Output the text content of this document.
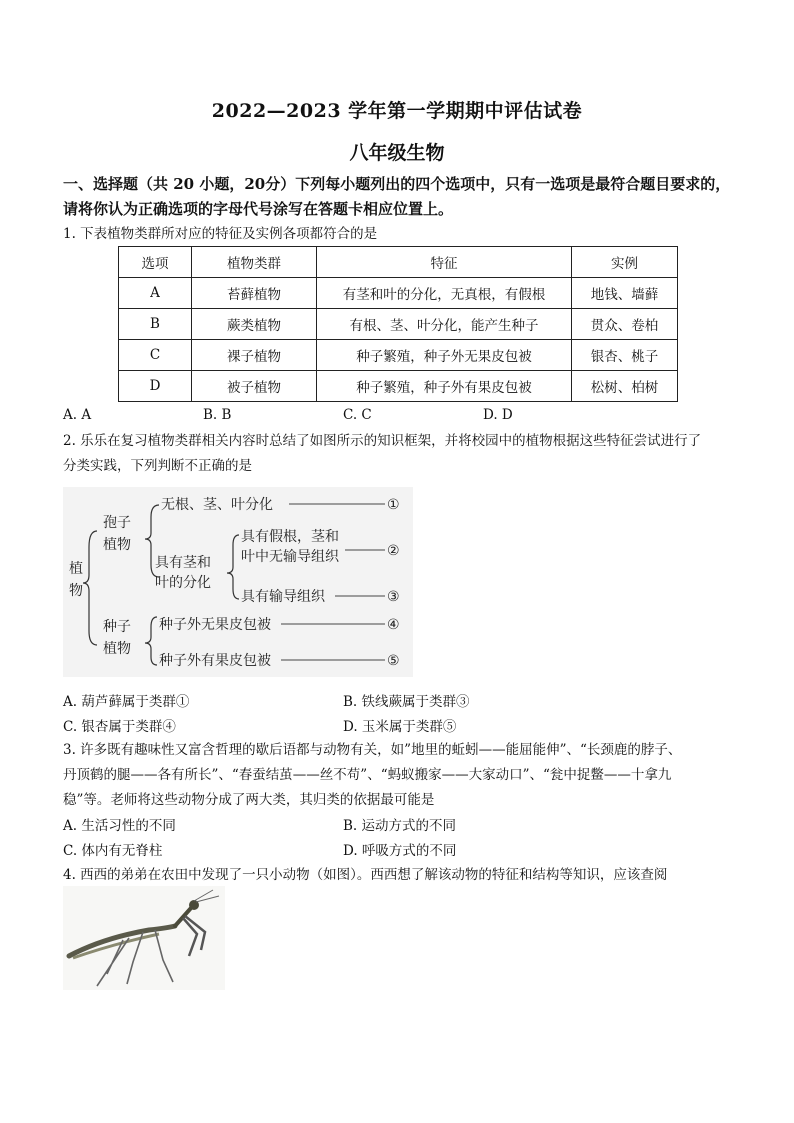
2022—2023 学年第一学期期中评估试卷
八年级生物
一、选择题（共 20 小题，20分）下列每小题列出的四个选项中，只有一选项是最符合题目要求的，请将你认为正确选项的字母代号涂写在答题卡相应位置上。
1. 下表植物类群所对应的特征及实例各项都符合的是
选项	植物类群	特征	实例
A	苔藓植物	有茎和叶的分化，无真根，有假根	地钱、墙藓
B	蕨类植物	有根、茎、叶分化，能产生种子	贯众、卷柏
C	裸子植物	种子繁殖，种子外无果皮包被	银杏、桃子
D	被子植物	种子繁殖，种子外有果皮包被	松树、柏树
A. A	B. B	C. C	D. D
2. 乐乐在复习植物类群相关内容时总结了如图所示的知识框架，并将校园中的植物根据这些特征尝试进行了
分类实践，下列判断不正确的是
植
物
孢子
植物
种子
植物
无根、茎、叶分化	①
具有茎和
叶的分化
具有假根，茎和
叶中无输导组织	②
具有输导组织	③
种子外无果皮包被	④
种子外有果皮包被	⑤
A. 葫芦藓属于类群①	B. 铁线蕨属于类群③
C. 银杏属于类群④	D. 玉米属于类群⑤
3. 许多既有趣味性又富含哲理的歇后语都与动物有关，如”地里的蚯蚓——能屈能伸”、“长颈鹿的脖子、
丹顶鹤的腿——各有所长”、“春蚕结茧——丝不苟”、“蚂蚁搬家——大家动口”、“瓮中捉鳖——十拿九
稳”等。老师将这些动物分成了两大类，其归类的依据最可能是
A. 生活习性的不同	B. 运动方式的不同
C. 体内有无脊柱	D. 呼吸方式的不同
4. 西西的弟弟在农田中发现了一只小动物（如图）。西西想了解该动物的特征和结构等知识，应该查阅
